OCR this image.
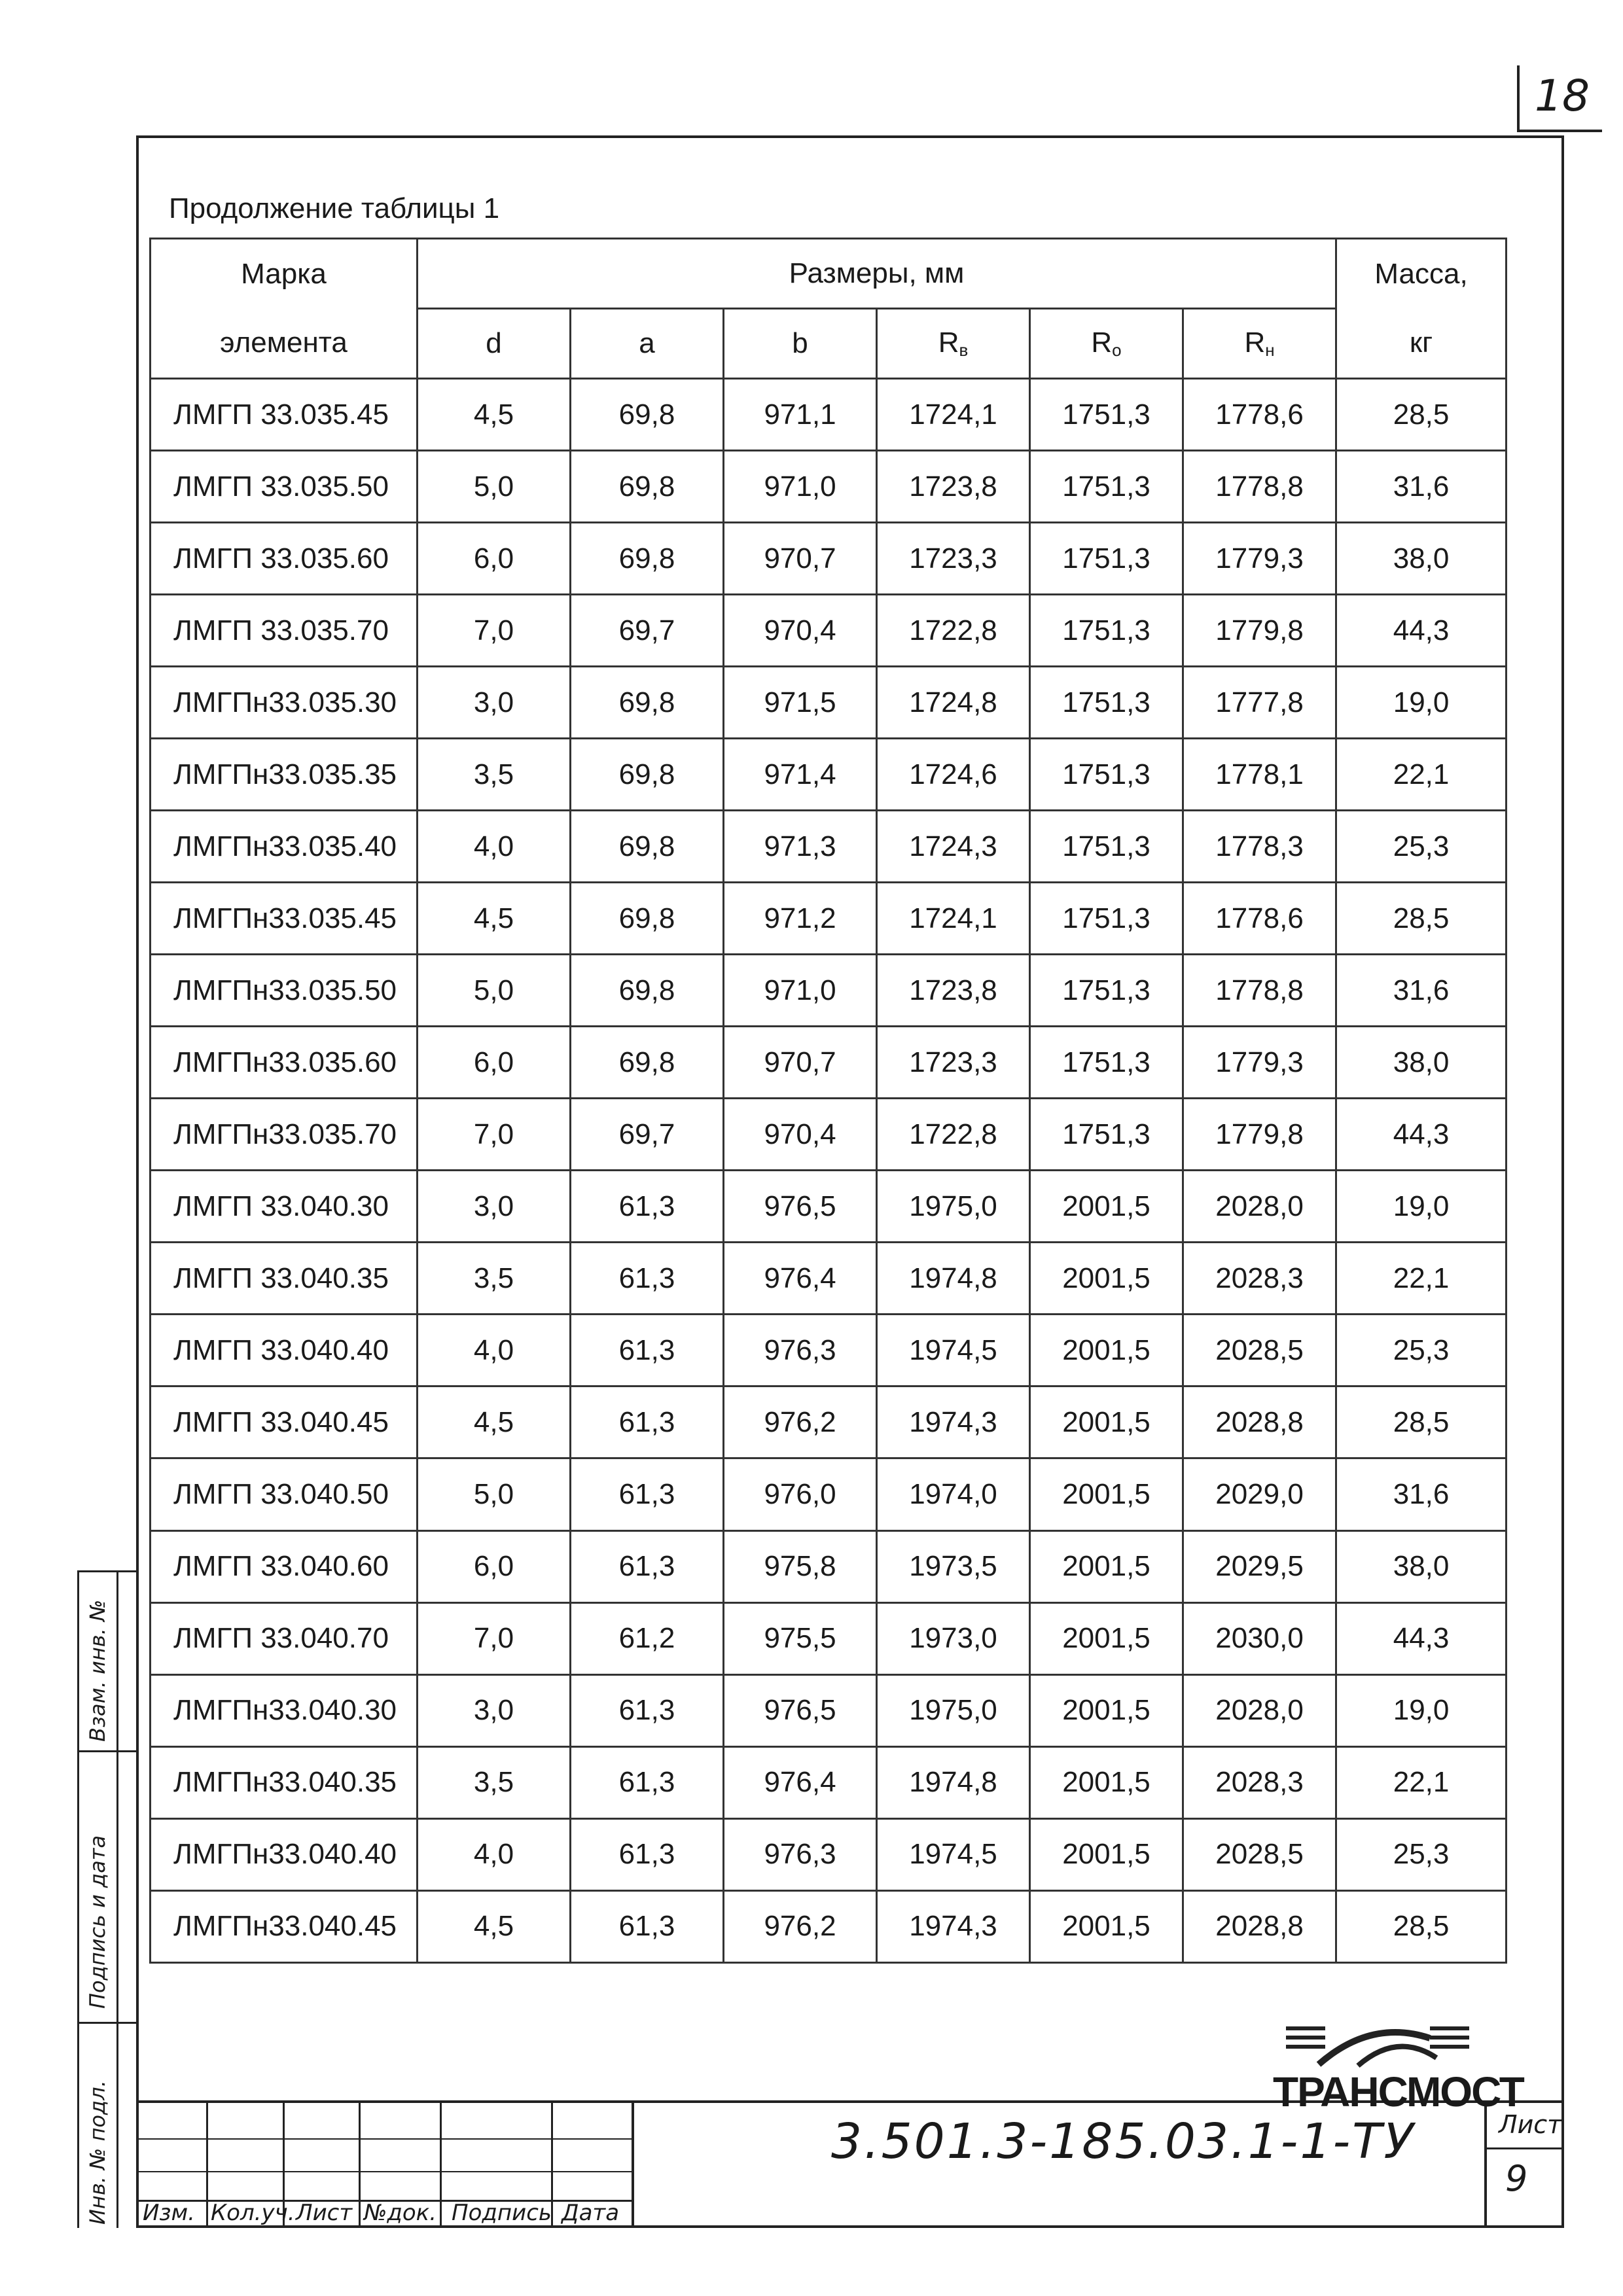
18
Продолжение таблицы 1
Марка	Размеры, мм						Масса,
элемента	d	a	b	$R_в$	$R_о$	$R_н$	кг
ЛМГП 33.035.45	4,5	69,8	971,1	1724,1	1751,3	1778,6	28,5
ЛМГП 33.035.50	5,0	69,8	971,0	1723,8	1751,3	1778,8	31,6
ЛМГП 33.035.60	6,0	69,8	970,7	1723,3	1751,3	1779,3	38,0
ЛМГП 33.035.70	7,0	69,7	970,4	1722,8	1751,3	1779,8	44,3
ЛМГПн33.035.30	3,0	69,8	971,5	1724,8	1751,3	1777,8	19,0
ЛМГПн33.035.35	3,5	69,8	971,4	1724,6	1751,3	1778,1	22,1
ЛМГПн33.035.40	4,0	69,8	971,3	1724,3	1751,3	1778,3	25,3
ЛМГПн33.035.45	4,5	69,8	971,2	1724,1	1751,3	1778,6	28,5
ЛМГПн33.035.50	5,0	69,8	971,0	1723,8	1751,3	1778,8	31,6
ЛМГПн33.035.60	6,0	69,8	970,7	1723,3	1751,3	1779,3	38,0
ЛМГПн33.035.70	7,0	69,7	970,4	1722,8	1751,3	1779,8	44,3
ЛМГП 33.040.30	3,0	61,3	976,5	1975,0	2001,5	2028,0	19,0
ЛМГП 33.040.35	3,5	61,3	976,4	1974,8	2001,5	2028,3	22,1
ЛМГП 33.040.40	4,0	61,3	976,3	1974,5	2001,5	2028,5	25,3
ЛМГП 33.040.45	4,5	61,3	976,2	1974,3	2001,5	2028,8	28,5
ЛМГП 33.040.50	5,0	61,3	976,0	1974,0	2001,5	2029,0	31,6
ЛМГП 33.040.60	6,0	61,3	975,8	1973,5	2001,5	2029,5	38,0
ЛМГП 33.040.70	7,0	61,2	975,5	1973,0	2001,5	2030,0	44,3
ЛМГПн33.040.30	3,0	61,3	976,5	1975,0	2001,5	2028,0	19,0
ЛМГПн33.040.35	3,5	61,3	976,4	1974,8	2001,5	2028,3	22,1
ЛМГПн33.040.40	4,0	61,3	976,3	1974,5	2001,5	2028,5	25,3
ЛМГПн33.040.45	4,5	61,3	976,2	1974,3	2001,5	2028,8	28,5
Взам. инв. №
Подпись и дата
Инв. № подл. Изм. Кол.уч. Лист №док. Подпись Дата
3.501.3-185.03.1-1-ТУ	Лист
9
ТРАНСМОСТ
